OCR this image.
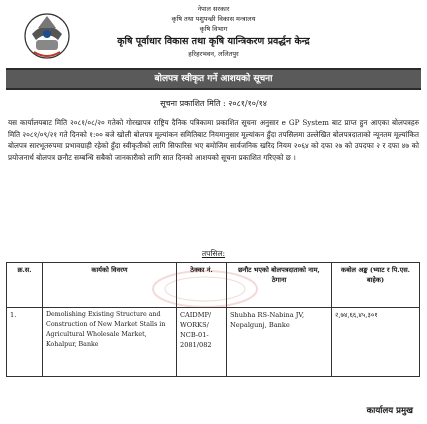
नेपाल सरकार
कृषि तथा पशुपन्छी विकास मन्त्रालय
कृषि विभाग
कृषि पूर्वाधार विकास तथा कृषि यान्त्रिकरण प्रवर्द्धन केन्द्र
हरिहरभवन, ललितपुर
बोलपत्र स्वीकृत गर्ने आशयको सूचना
सूचना प्रकाशित मिति : २०८१/१०/१४
यस कार्यालयबाट मिति २०८१/०८/२० गतेको गोरखापत्र राष्ट्रिय दैनिक पत्रिकामा प्रकाशित सूचना अनुसार e GP System बाट प्राप्त हुन आएका बोलपत्रहरु मिति २०८१/०९/२१ गते दिनको १:०० बजे खोली बोलपत्र मूल्यांकन समितिबाट नियमानुसार मूल्यांकन हुँदा तपसिलमा उल्लेखित बोलपत्रदाताको न्यूनतम मूल्यांकित बोलपत्र सारभूतरुपमा प्रभावग्राही रहेको हुँदा स्वीकृतीको लागि सिफारिस भए बमोजिम सार्वजनिक खरिद नियम २०६४ को दफा २७ को उपदफा २ र दफा ४७ को प्रयोजनार्थ बोलपत्र छनौट सम्बन्धि सबैको जानकारीको लागि सात दिनको आशयको सूचना प्रकाशित गरिएको छ ।
तपसिल:
क्र.स.	कार्यको विवरण	ठेक्का नं.	छनौट भएको बोलपत्रदाताको नाम, ठेगाना	कबोल अङ्क (भ्याट र पि.एस. बाहेक)
1.	Demolishing Existing Structure and Construction of New Market Stalls in Agricultural Wholesale Market, Kohalpur, Banke	CAIDMP/ WORKS/ NCB-01- 2081/082	Shubha RS-Nabina JV, Nepalgunj, Banke	२,७४,६६,४५,३०१
कार्यालय प्रमुख
